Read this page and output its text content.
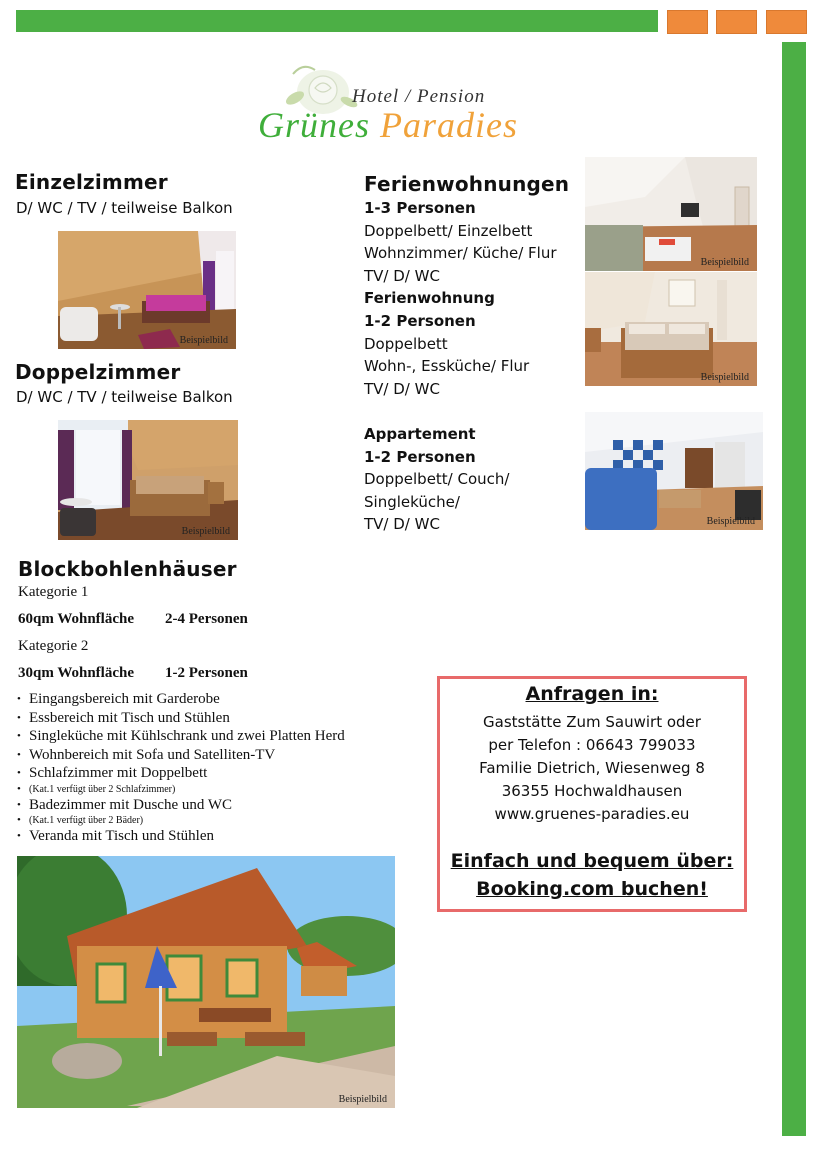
Hotel / Pension
Grünes Paradies
Einzelzimmer
D/ WC / TV / teilweise Balkon
Beispielbild
Doppelzimmer
D/ WC / TV / teilweise Balkon
Beispielbild
Ferienwohnungen
1-3 Personen
Doppelbett/ Einzelbett
Wohnzimmer/ Küche/ Flur
TV/ D/ WC
Ferienwohnung
1-2 Personen
Doppelbett
Wohn-, Essküche/ Flur
TV/ D/ WC
Beispielbild
Beispielbild
Appartement
1-2 Personen
Doppelbett/ Couch/
Singleküche/
TV/ D/ WC	Beispielbild
Blockbohlenhäuser
Kategorie 1
60qm Wohnfläche 2-4 Personen
Kategorie 2
30qm Wohnfläche 1-2 Personen
• Eingangsbereich mit Garderobe
• Essbereich mit Tisch und Stühlen
• Singleküche mit Kühlschrank und zwei Platten Herd
• Wohnbereich mit Sofa und Satelliten-TV
• Schlafzimmer mit Doppelbett
• (Kat.1 verfügt über 2 Schlafzimmer)
• Badezimmer mit Dusche und WC
• (Kat.1 verfügt über 2 Bäder)
• Veranda mit Tisch und Stühlen
Beispielbild
Anfragen in:
Gaststätte Zum Sauwirt oder
per Telefon : 06643 799033
Familie Dietrich, Wiesenweg 8
36355 Hochwaldhausen
www.gruenes-paradies.eu
Einfach und bequem über:
Booking.com buchen!
